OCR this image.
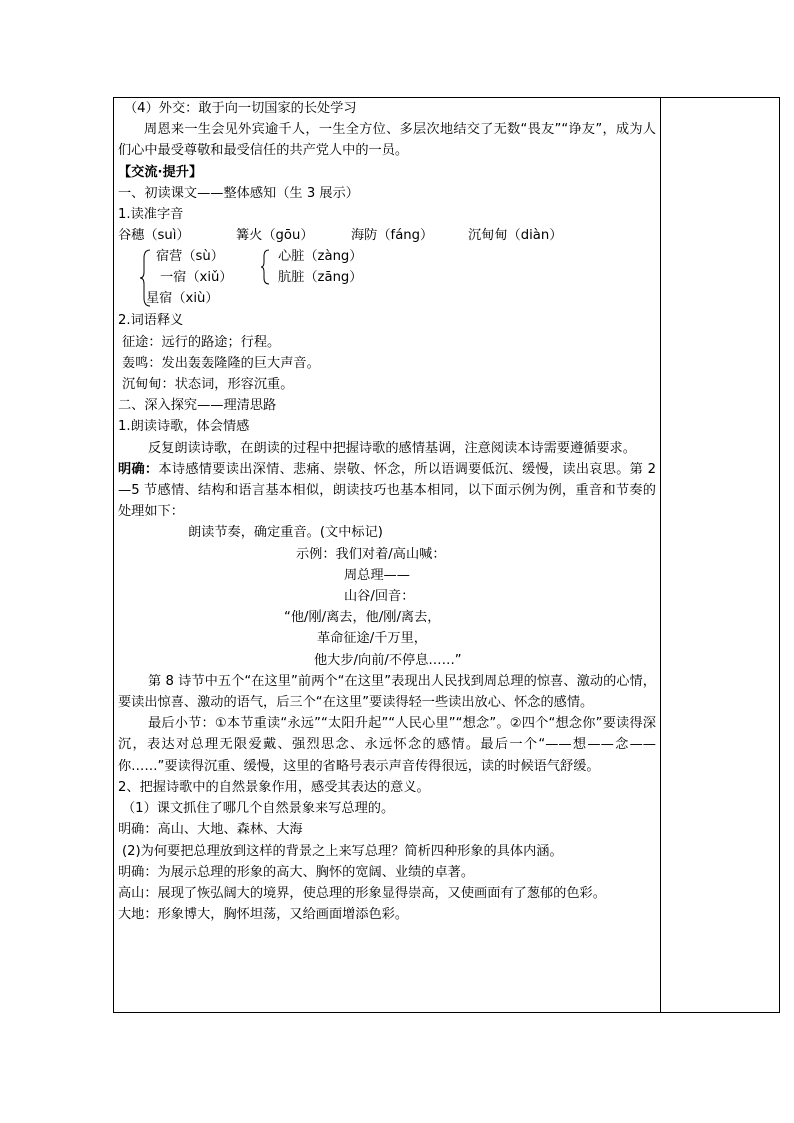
（4）外交：敢于向一切国家的长处学习

周恩来一生会见外宾逾千人，一生全方位、多层次地结交了无数“畏友”“诤友”，成为人们心中最受尊敬和最受信任的共产党人中的一员。

【交流·提升】

一、初读课文——整体感知（生 3 展示）

1.读准字音

谷穗（suì）	篝火（gōu）	海防（fáng）	沉甸甸（diàn）

宿营（sù）
一宿（xiǔ）
星宿（xiù）
心脏（zàng）
肮脏（zāng）

2.词语释义

征途：远行的路途；行程。

轰鸣：发出轰轰隆隆的巨大声音。

沉甸甸：状态词，形容沉重。

二、深入探究——理清思路

1.朗读诗歌，体会情感

反复朗读诗歌，在朗读的过程中把握诗歌的感情基调，注意阅读本诗需要遵循要求。

明确：本诗感情要读出深情、悲痛、崇敬、怀念，所以语调要低沉、缓慢，读出哀思。第 2—5 节感情、结构和语言基本相似，朗读技巧也基本相同，以下面示例为例，重音和节奏的处理如下：

朗读节奏，确定重音。(文中标记)

示例：我们对着/高山喊：

周总理——

山谷/回音：

“他/刚/离去，他/刚/离去，

革命征途/千万里，

他大步/向前/不停息……”

第 8 诗节中五个“在这里”前两个“在这里”表现出人民找到周总理的惊喜、激动的心情，要读出惊喜、激动的语气，后三个“在这里”要读得轻一些读出放心、怀念的感情。

最后小节：①本节重读“永远”“太阳升起”“人民心里”“想念”。②四个“想念你”要读得深沉，表达对总理无限爱戴、强烈思念、永远怀念的感情。最后一个“——想——念——你……”要读得沉重、缓慢，这里的省略号表示声音传得很远，读的时候语气舒缓。

2、把握诗歌中的自然景象作用，感受其表达的意义。

（1）课文抓住了哪几个自然景象来写总理的。

明确：高山、大地、森林、大海

(2)为何要把总理放到这样的背景之上来写总理？简析四种形象的具体内涵。

明确：为展示总理的形象的高大、胸怀的宽阔、业绩的卓著。

高山：展现了恢弘阔大的境界，使总理的形象显得崇高，又使画面有了葱郁的色彩。

大地：形象博大，胸怀坦荡，又给画面增添色彩。
